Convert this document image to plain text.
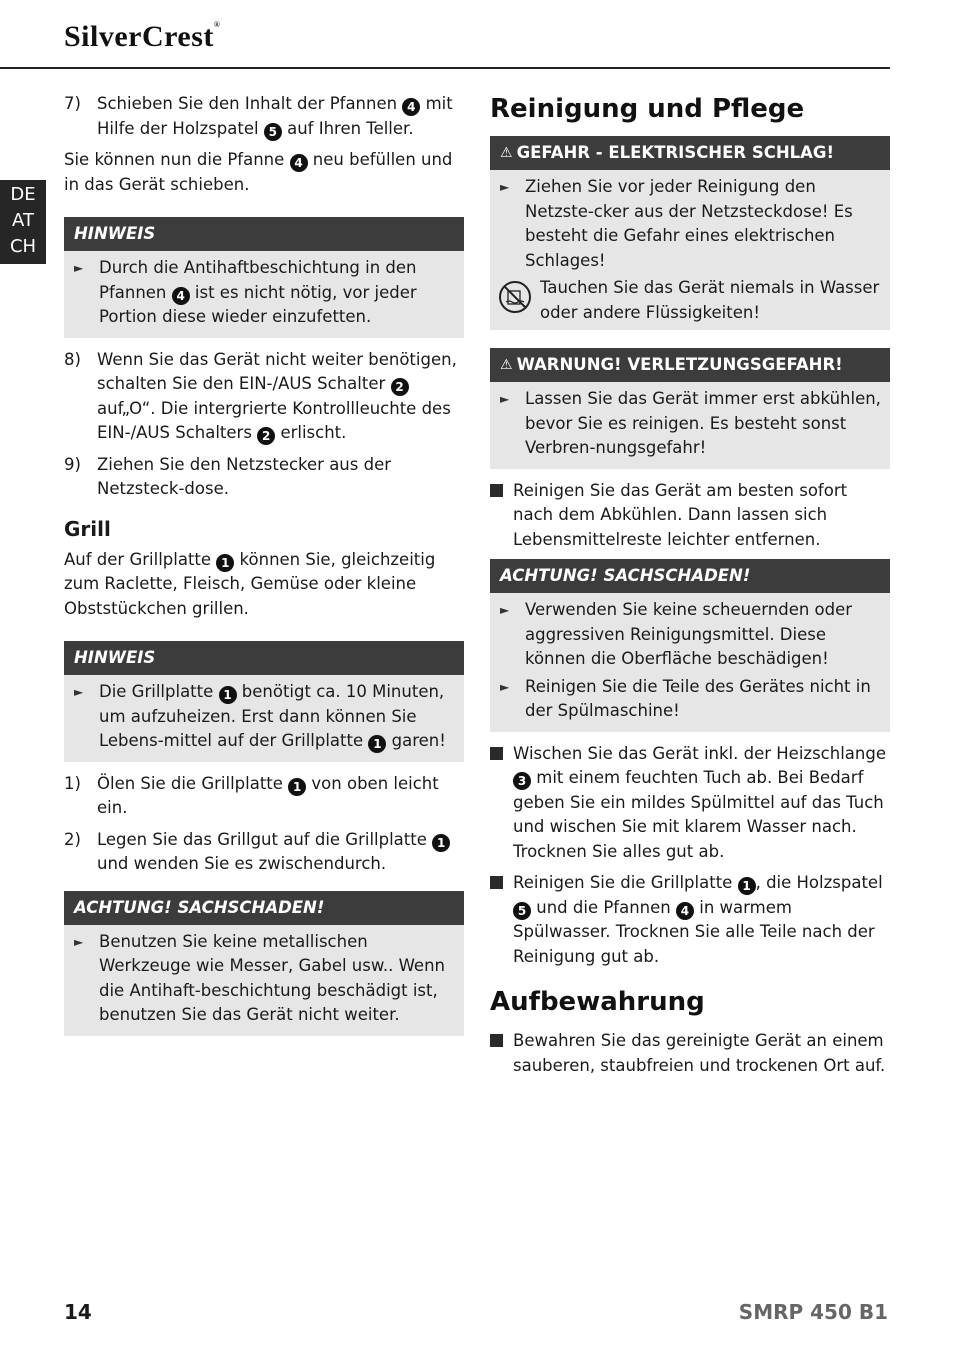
SilverCrest®
DE
AT
CH
7) Schieben Sie den Inhalt der Pfannen 4 mit Hilfe der Holzspatel 5 auf Ihren Teller.

Sie können nun die Pfanne 4 neu befüllen und in das Gerät schieben.

HINWEIS
► Durch die Antihaftbeschichtung in den Pfannen 4 ist es nicht nötig, vor jeder Portion diese wieder einzufetten.
8) Wenn Sie das Gerät nicht weiter benötigen, schalten Sie den EIN-/AUS Schalter 2 auf„O“. Die intergrierte Kontrollleuchte des EIN-/AUS Schalters 2 erlischt.
9) Ziehen Sie den Netzstecker aus der Netzsteck-dose.
Grill

Auf der Grillplatte 1 können Sie, gleichzeitig zum Raclette, Fleisch, Gemüse oder kleine Obststückchen grillen.

HINWEIS
► Die Grillplatte 1 benötigt ca. 10 Minuten, um aufzuheizen. Erst dann können Sie Lebens-mittel auf der Grillplatte 1 garen!
1) Ölen Sie die Grillplatte 1 von oben leicht ein.
2) Legen Sie das Grillgut auf die Grillplatte 1 und wenden Sie es zwischendurch.
ACHTUNG! SACHSCHADEN!
► Benutzen Sie keine metallischen Werkzeuge wie Messer, Gabel usw.. Wenn die Antihaft-beschichtung beschädigt ist, benutzen Sie das Gerät nicht weiter.
Reinigung und Pflege
⚠ GEFAHR - ELEKTRISCHER SCHLAG!
► Ziehen Sie vor jeder Reinigung den Netzste-cker aus der Netzsteckdose! Es besteht die Gefahr eines elektrischen Schlages!
Tauchen Sie das Gerät niemals in Wasser oder andere Flüssigkeiten!
⚠ WARNUNG! VERLETZUNGSGEFAHR!
► Lassen Sie das Gerät immer erst abkühlen, bevor Sie es reinigen. Es besteht sonst Verbren-nungsgefahr!
Reinigen Sie das Gerät am besten sofort nach dem Abkühlen. Dann lassen sich Lebensmittelreste leichter entfernen.
ACHTUNG! SACHSCHADEN!
► Verwenden Sie keine scheuernden oder aggressiven Reinigungsmittel. Diese können die Oberfläche beschädigen!
► Reinigen Sie die Teile des Gerätes nicht in der Spülmaschine!
Wischen Sie das Gerät inkl. der Heizschlange 3 mit einem feuchten Tuch ab. Bei Bedarf geben Sie ein mildes Spülmittel auf das Tuch und wischen Sie mit klarem Wasser nach. Trocknen Sie alles gut ab.
Reinigen Sie die Grillplatte 1 , die Holzspatel 5 und die Pfannen 4 in warmem Spülwasser. Trocknen Sie alle Teile nach der Reinigung gut ab.
Aufbewahrung
Bewahren Sie das gereinigte Gerät an einem sauberen, staubfreien und trockenen Ort auf.
14	SMRP 450 B1
